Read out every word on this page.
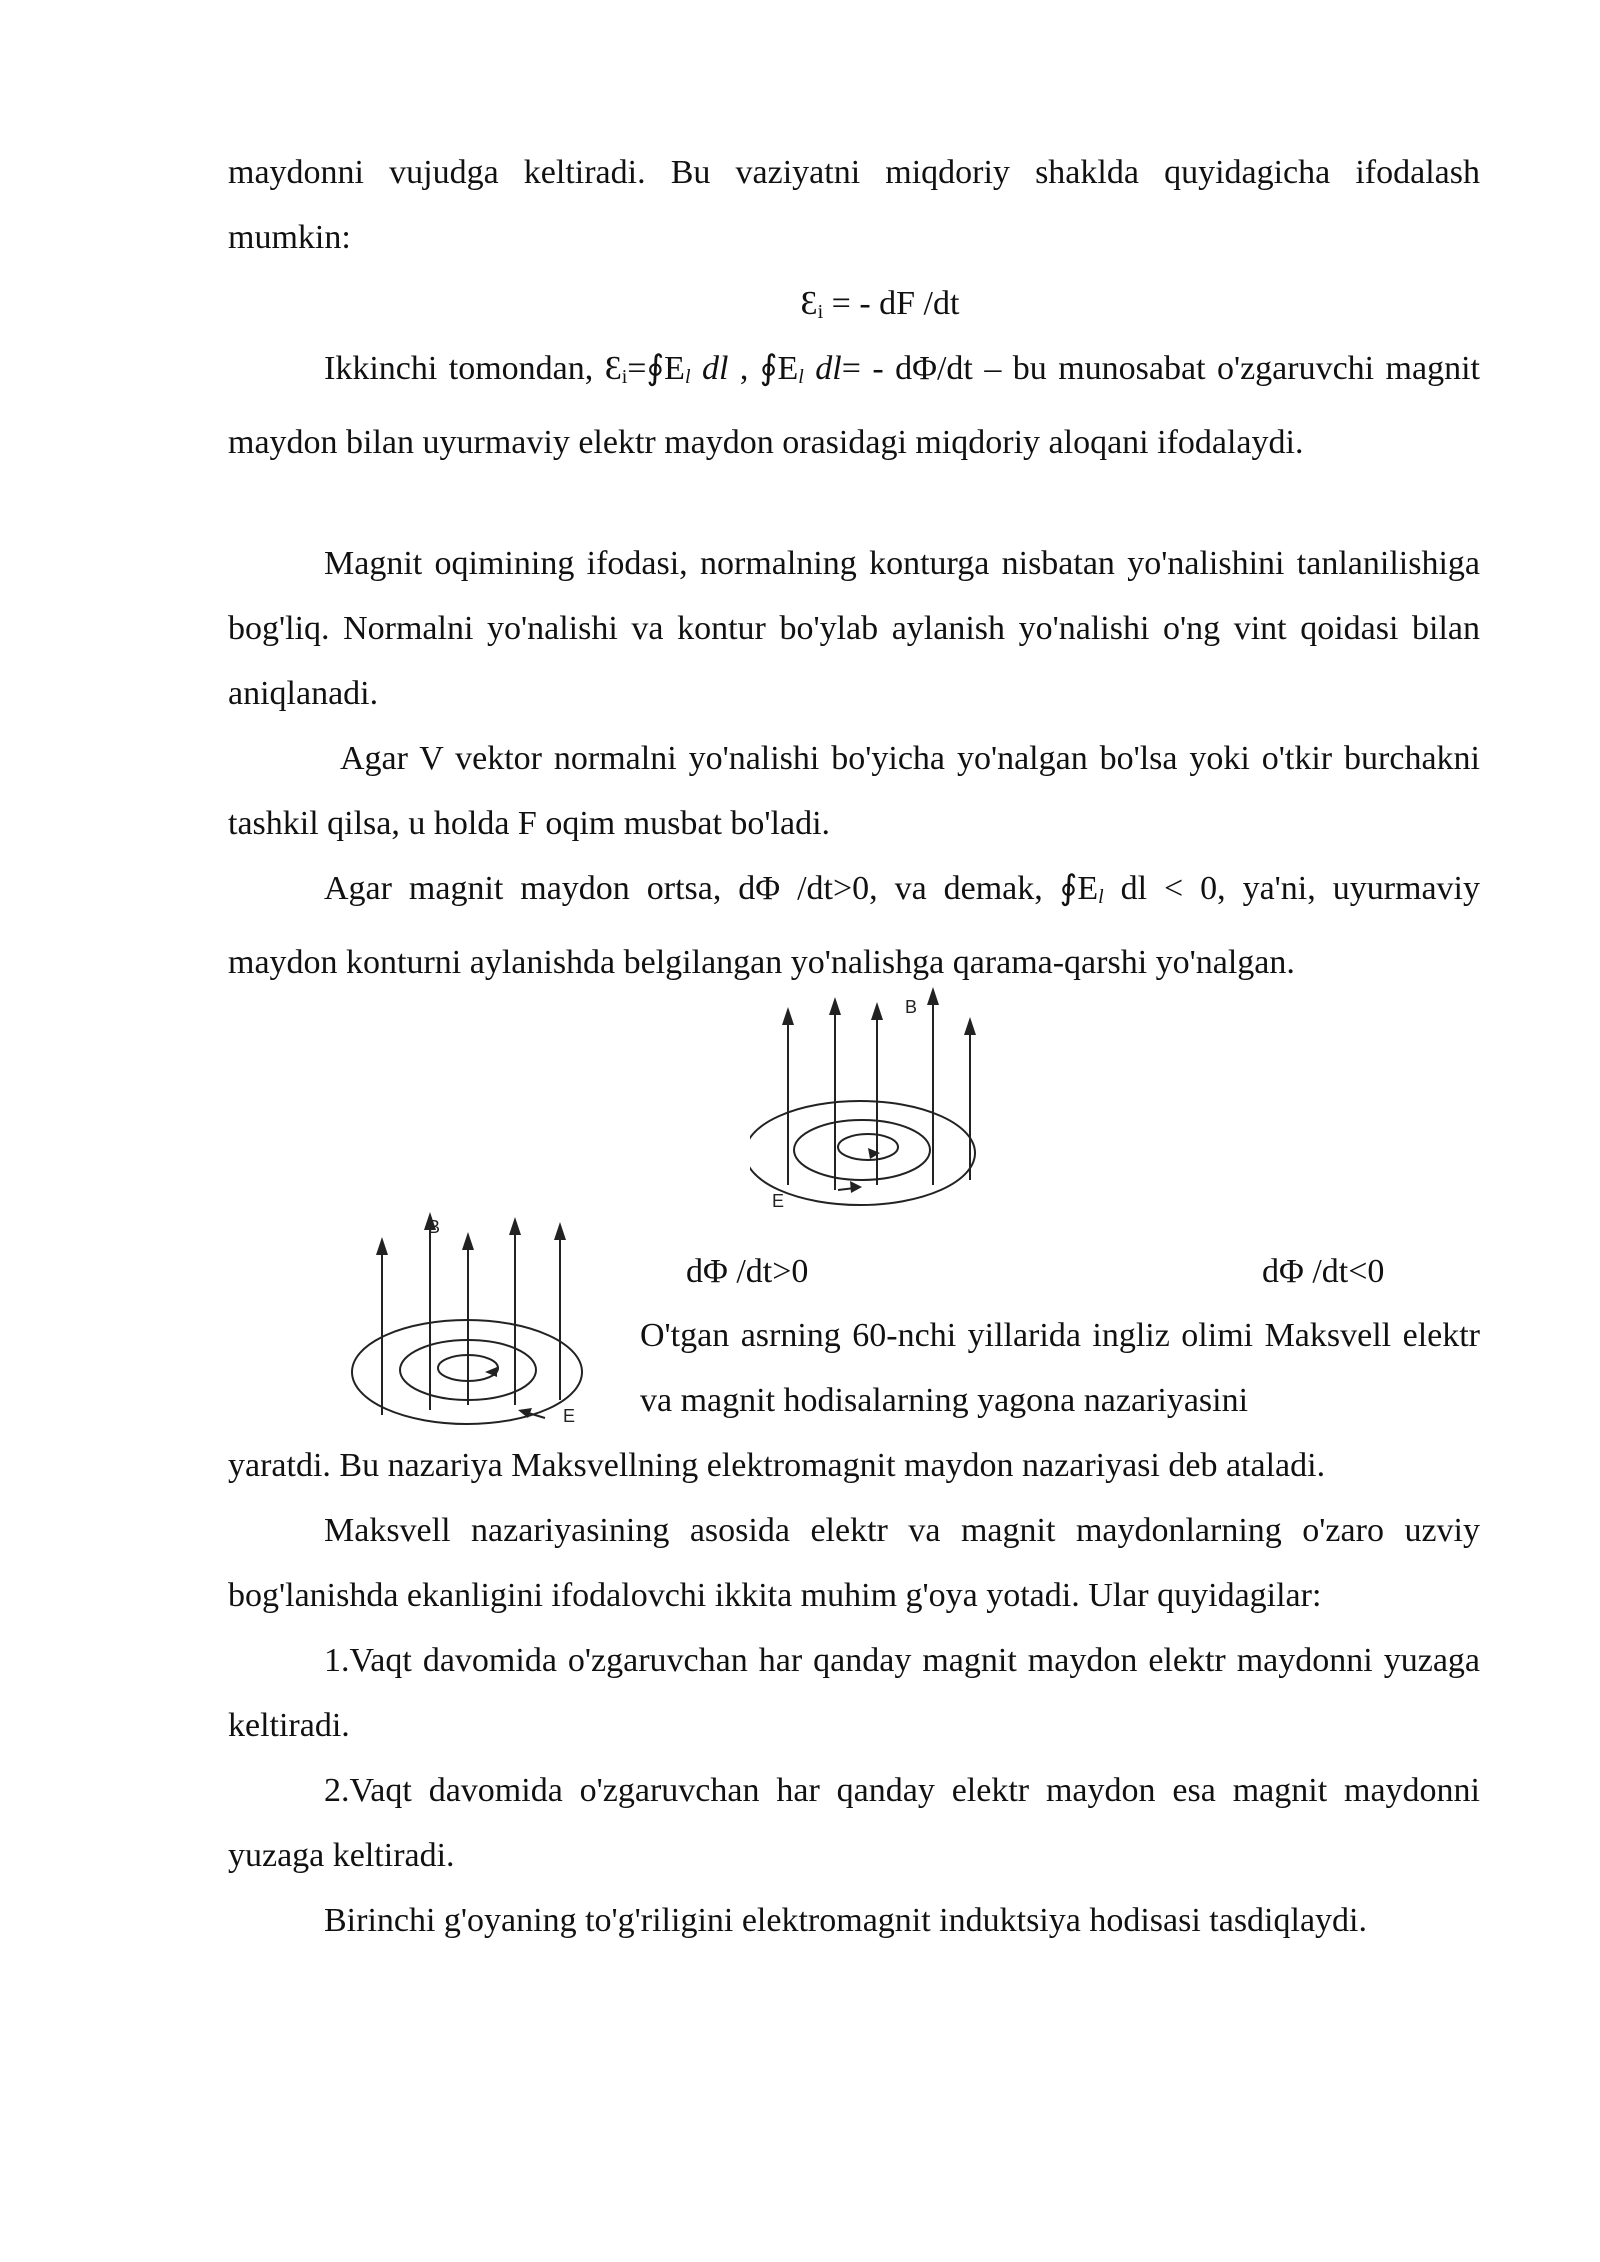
maydonni vujudga keltiradi. Bu vaziyatni miqdoriy shaklda quyidagicha ifodalash

mumkin:

$Ɛ_i$ = - dF /dt

Ikkinchi tomondan, $Ɛ_i=∮E_l$ dl , $∮E_l$ dl= - dΦ/dt – bu munosabat o'zgaruvchi magnit maydon bilan uyurmaviy elektr maydon orasidagi miqdoriy aloqani ifodalaydi.

Magnit oqimining ifodasi, normalning konturga nisbatan yo'nalishini tanlanilishiga bog'liq. Normalni yo'nalishi va kontur bo'ylab aylanish yo'nalishi o'ng vint qoidasi bilan aniqlanadi.

Agar V vektor normalni yo'nalishi bo'yicha yo'nalgan bo'lsa yoki o'tkir burchakni tashkil qilsa, u holda F oqim musbat bo'ladi.

Agar magnit maydon ortsa, dΦ /dt>0, va demak, $∮E_l$ dl < 0, ya'ni, uyurmaviy maydon konturni aylanishda belgilangan yo'nalishga qarama-qarshi yo'nalgan.

B
E
B
E
dΦ /dt>0	dΦ /dt<0

O'tgan asrning 60-nchi yillarida ingliz olimi Maksvell elektr va magnit hodisalarning yagona nazariyasini

yaratdi. Bu nazariya Maksvellning elektromagnit maydon nazariyasi deb ataladi.

Maksvell nazariyasining asosida elektr va magnit maydonlarning o'zaro uzviy bog'lanishda ekanligini ifodalovchi ikkita muhim g'oya yotadi. Ular quyidagilar:

1.Vaqt davomida o'zgaruvchan har qanday magnit maydon elektr maydonni yuzaga keltiradi.

2.Vaqt davomida o'zgaruvchan har qanday elektr maydon esa magnit maydonni yuzaga keltiradi.

Birinchi g'oyaning to'g'riligini elektromagnit induktsiya hodisasi tasdiqlaydi.
